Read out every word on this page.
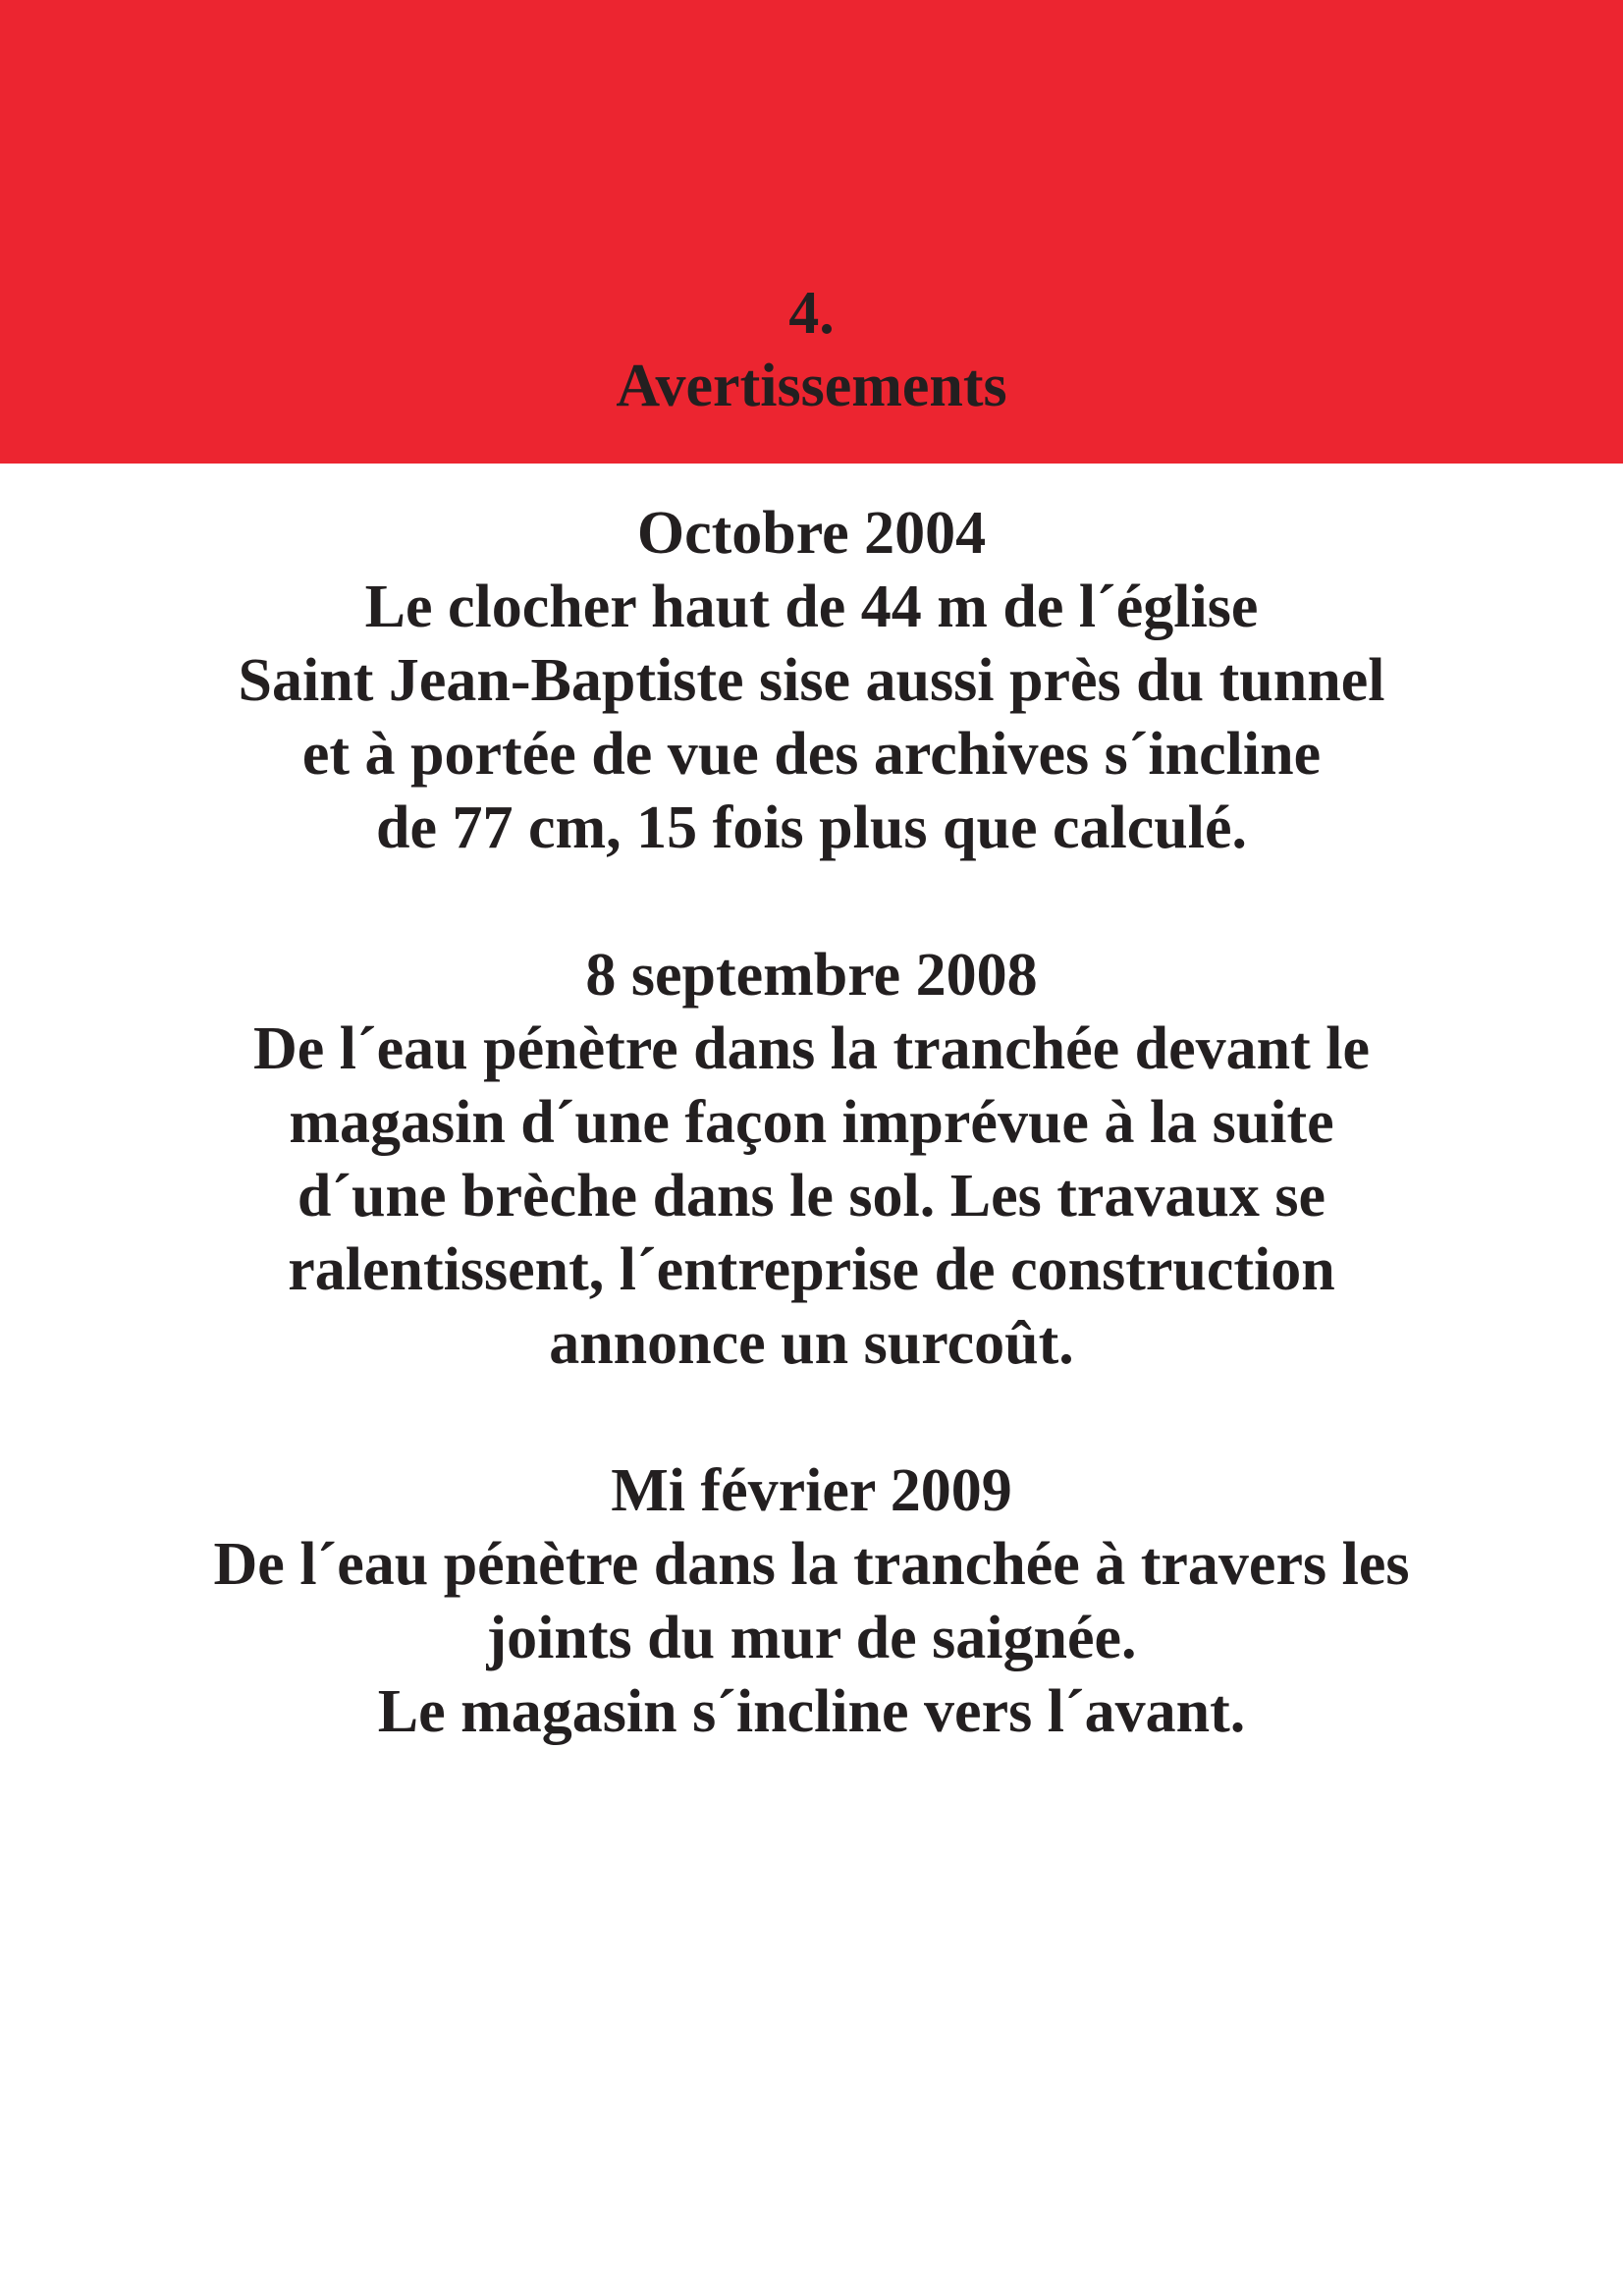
4.
Avertissements
Octobre 2004
Le clocher haut de 44 m de l´église
Saint Jean-Baptiste sise aussi près du tunnel
et à portée de vue des archives s´incline
de 77 cm, 15 fois plus que calculé.
8 septembre 2008
De l´eau pénètre dans la tranchée devant le
magasin d´une façon imprévue à la suite
d´une brèche dans le sol. Les travaux se
ralentissent, l´entreprise de construction
annonce un surcoût.
Mi février 2009
De l´eau pénètre dans la tranchée à travers les
joints du mur de saignée.
Le magasin s´incline vers l´avant.
